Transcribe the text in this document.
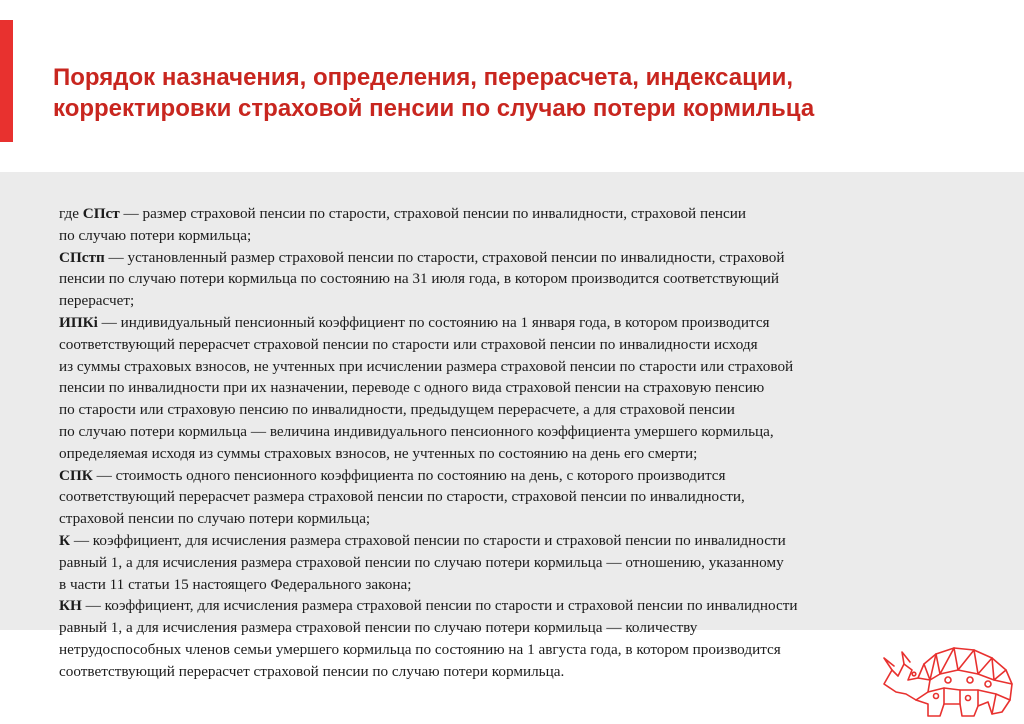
Порядок назначения, определения, перерасчета, индексации,
корректировки страховой пенсии по случаю потери кормильца
где СПст — размер страховой пенсии по старости, страховой пенсии по инвалидности, страховой пенсии
по случаю потери кормильца;
СПстп — установленный размер страховой пенсии по старости, страховой пенсии по инвалидности, страховой
пенсии по случаю потери кормильца по состоянию на 31 июля года, в котором производится соответствующий
перерасчет;
ИПКi — индивидуальный пенсионный коэффициент по состоянию на 1 января года, в котором производится
соответствующий перерасчет страховой пенсии по старости или страховой пенсии по инвалидности исходя
из суммы страховых взносов, не учтенных при исчислении размера страховой пенсии по старости или страховой
пенсии по инвалидности при их назначении, переводе с одного вида страховой пенсии на страховую пенсию
по старости или страховую пенсию по инвалидности, предыдущем перерасчете, а для страховой пенсии
по случаю потери кормильца — величина индивидуального пенсионного коэффициента умершего кормильца,
определяемая исходя из суммы страховых взносов, не учтенных по состоянию на день его смерти;
СПК — стоимость одного пенсионного коэффициента по состоянию на день, с которого производится
соответствующий перерасчет размера страховой пенсии по старости, страховой пенсии по инвалидности,
страховой пенсии по случаю потери кормильца;
К — коэффициент, для исчисления размера страховой пенсии по старости и страховой пенсии по инвалидности
равный 1, а для исчисления размера страховой пенсии по случаю потери кормильца — отношению, указанному
в части 11 статьи 15 настоящего Федерального закона;
КН — коэффициент, для исчисления размера страховой пенсии по старости и страховой пенсии по инвалидности
равный 1, а для исчисления размера страховой пенсии по случаю потери кормильца — количеству
нетрудоспособных членов семьи умершего кормильца по состоянию на 1 августа года, в котором производится
соответствующий перерасчет страховой пенсии по случаю потери кормильца.
